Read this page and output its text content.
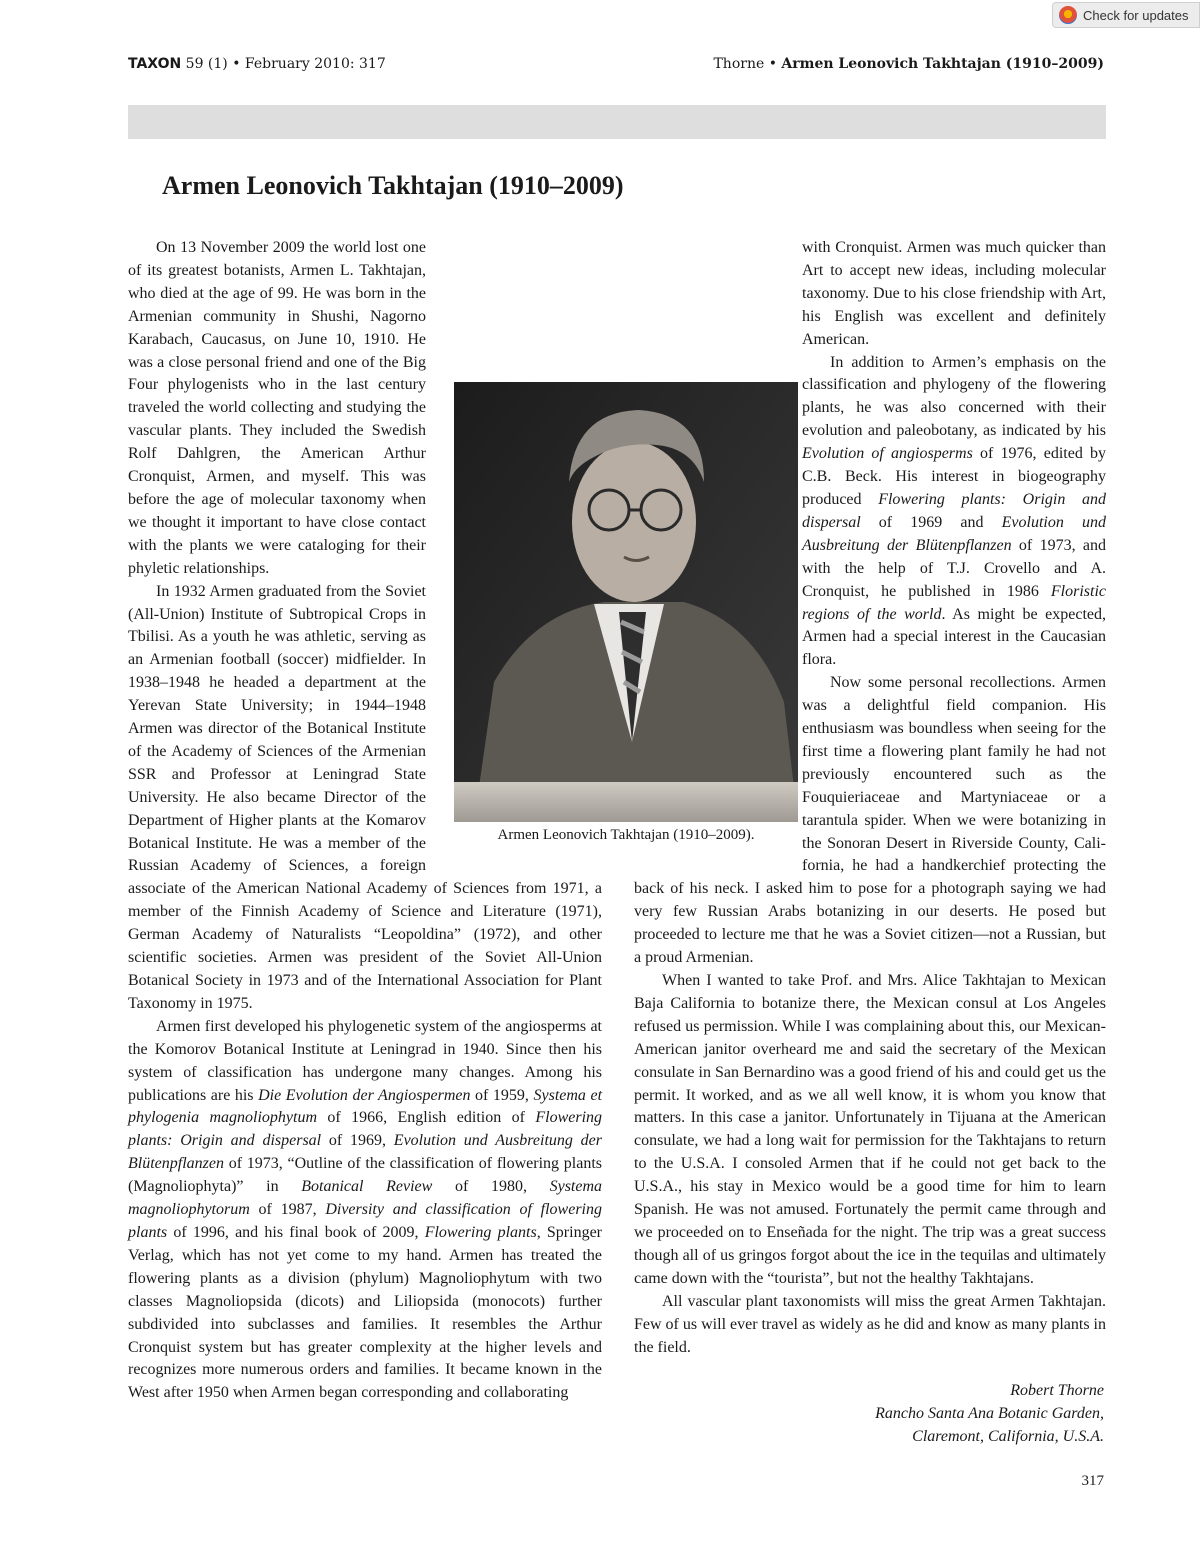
Check for updates
TAXON 59 (1) • February 2010: 317	Thorne • Armen Leonovich Takhtajan (1910–2009)
Armen Leonovich Takhtajan (1910–2009)

On 13 November 2009 the world lost one of its greatest botanists, Armen L. Takhtajan, who died at the age of 99. He was born in the Armenian community in Shushi, Nagorno Karabach, Caucasus, on June 10, 1910. He was a close personal friend and one of the Big Four phylogenists who in the last century traveled the world collecting and studying the vascular plants. They included the Swedish Rolf Dahlgren, the American Arthur Cronquist, Armen, and myself. This was before the age of molecular taxonomy when we thought it important to have close contact with the plants we were cataloging for their phyletic relationships.

In 1932 Armen graduated from the Soviet (All-Union) Institute of Subtropical Crops in Tbilisi. As a youth he was athletic, serving as an Armenian football (soccer) midfielder. In 1938–1948 he headed a department at the Yerevan State University; in 1944–1948 Armen was director of the Botanical Institute of the Academy of Sciences of the Armenian SSR and Professor at Leningrad State University. He also became Director of the Department of Higher plants at the Komarov Botanical Institute. He was a member of the Russian Academy of Sciences, a foreign associate of the American National Academy of Sciences from 1971, a member of the Finnish Academy of Science and Literature (1971), German Academy of Naturalists “Leopoldina” (1972), and other scientific societies. Armen was president of the Soviet All-Union Botanical Society in 1973 and of the International Association for Plant Taxonomy in 1975.

Armen first developed his phylogenetic system of the angiosperms at the Komorov Botanical Institute at Leningrad in 1940. Since then his system of classification has undergone many changes. Among his publications are his Die Evolution der Angiospermen of 1959, Systema et phylogenia magnoliophytum of 1966, English edition of Flowering plants: Origin and dispersal of 1969, Evolution und Ausbreitung der Blütenpflanzen of 1973, “Outline of the classification of flowering plants (Magnoliophyta)” in Botanical Review of 1980, Systema magnoliophytorum of 1987, Diversity and classification of flowering plants of 1996, and his final book of 2009, Flowering plants, Springer Verlag, which has not yet come to my hand. Armen has treated the flowering plants as a division (phylum) Magnoliophytum with two classes Magnoliopsida (dicots) and Liliopsida (monocots) further subdivided into subclasses and families. It resembles the Arthur Cronquist system but has greater complexity at the higher levels and recognizes more numerous orders and families. It became known in the West after 1950 when Armen began corresponding and collaborating

with Cronquist. Armen was much quicker than Art to accept new ideas, including molecular taxonomy. Due to his close friendship with Art, his English was excellent and definitely American.

In addition to Armen’s emphasis on the classification and phylogeny of the flowering plants, he was also concerned with their evolution and paleobotany, as indicated by his Evolution of angiosperms of 1976, edited by C.B. Beck. His interest in biogeography produced Flowering plants: Origin and dispersal of 1969 and Evolution und Ausbreitung der Blütenpflanzen of 1973, and with the help of T.J. Crovello and A. Cronquist, he published in 1986 Floristic regions of the world. As might be expected, Armen had a special interest in the Caucasian flora.

Now some personal recollections. Armen was a delightful field companion. His enthusiasm was boundless when seeing for the first time a flowering plant family he had not previously encountered such as the Fouquieriaceae and Martyniaceae or a tarantula spider. When we were botanizing in the Sonoran Desert in Riverside County, California, he had a handkerchief protecting the back of his neck. I asked him to pose for a photograph saying we had very few Russian Arabs botanizing in our deserts. He posed but proceeded to lecture me that he was a Soviet citizen—not a Russian, but a proud Armenian.

When I wanted to take Prof. and Mrs. Alice Takhtajan to Mexican Baja California to botanize there, the Mexican consul at Los Angeles refused us permission. While I was complaining about this, our Mexican-American janitor overheard me and said the secretary of the Mexican consulate in San Bernardino was a good friend of his and could get us the permit. It worked, and as we all well know, it is whom you know that matters. In this case a janitor. Unfortunately in Tijuana at the American consulate, we had a long wait for permission for the Takhtajans to return to the U.S.A. I consoled Armen that if he could not get back to the U.S.A., his stay in Mexico would be a good time for him to learn Spanish. He was not amused. Fortunately the permit came through and we proceeded on to Enseñada for the night. The trip was a great success though all of us gringos forgot about the ice in the tequilas and ultimately came down with the “tourista”, but not the healthy Takhtajans.

All vascular plant taxonomists will miss the great Armen Takhtajan. Few of us will ever travel as widely as he did and know as many plants in the field.

Armen Leonovich Takhtajan (1910–2009).
Robert Thorne
Rancho Santa Ana Botanic Garden,
Claremont, California, U.S.A.
317
